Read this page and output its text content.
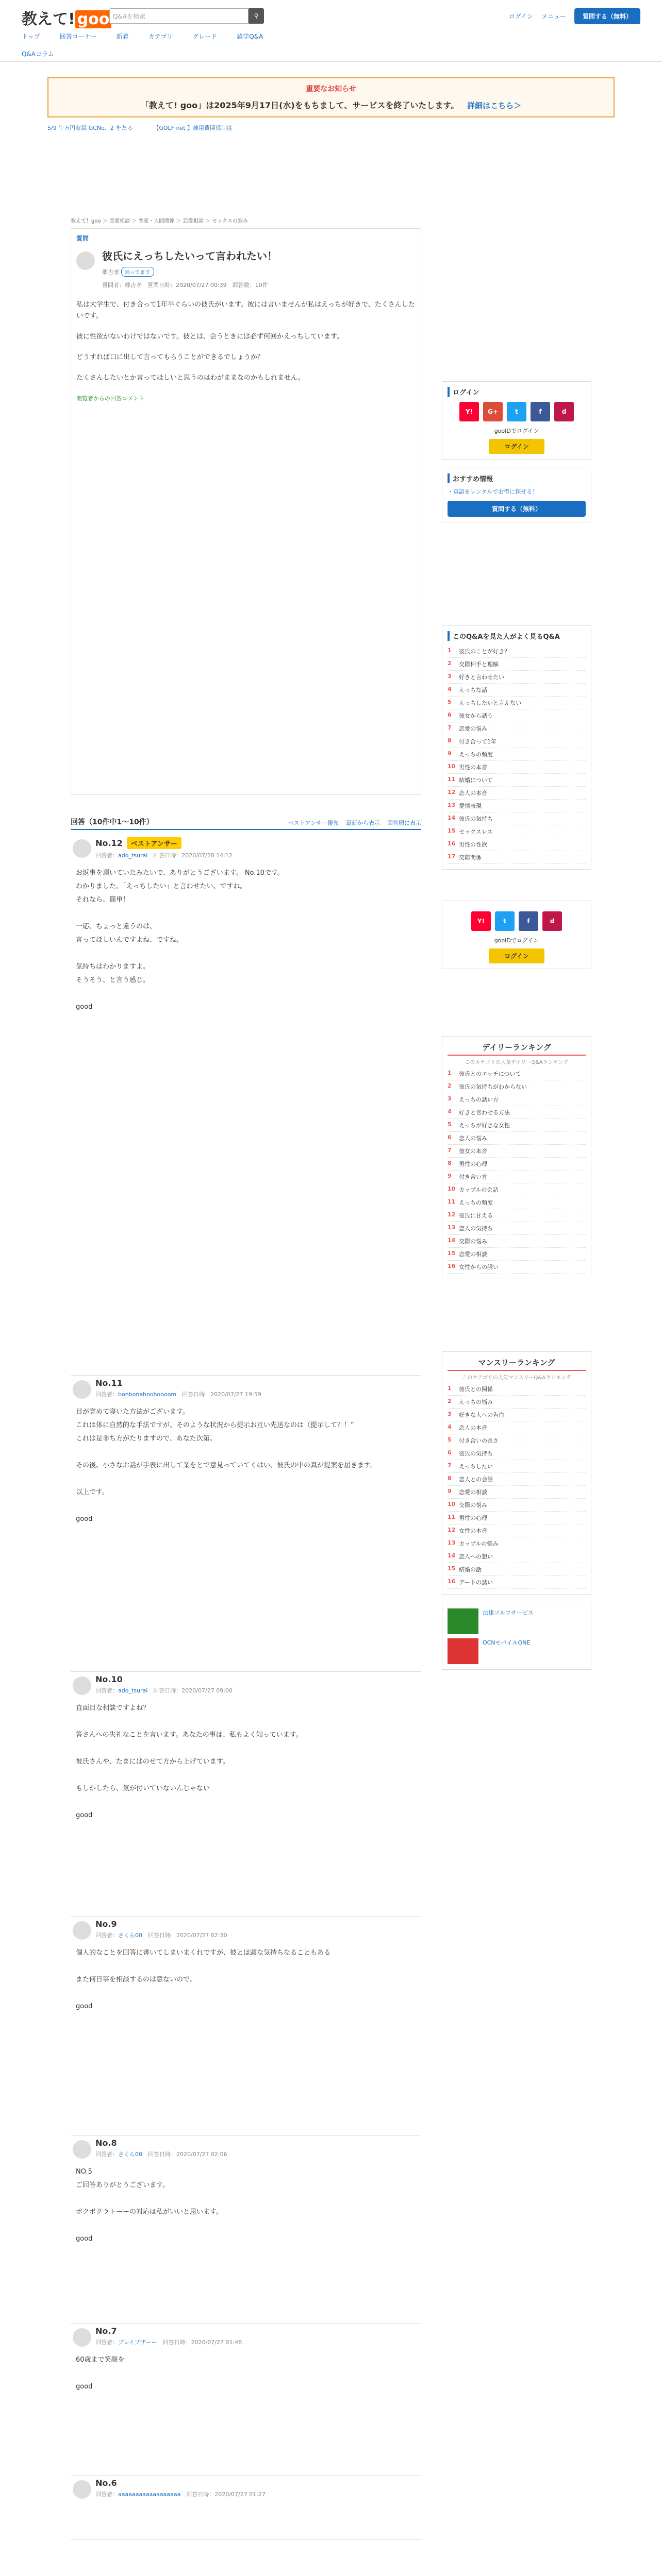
教えて! goo Q&Aを検索	⚲	ログイン メニュー	質問する（無料）
トップ	回答コーナー	新着	カテゴリ	グレード	雑学Q&A
Q&Aコラム
重要なお知らせ
「教えて! goo」は2025年9月17日(水)をもちまして、サービスを終了いたします。 詳細はこちら＞
5/9 午万円収録 GCNo．2 をたる	【GOLF net 】雑用費関係制度
教えて！goo ＞ 恋愛相談 ＞ 恋愛・人間関係 ＞ 恋愛相談 ＞ セックスの悩み
質問
彼氏にえっちしたいって言われたい！
郷吉孝 困ってます
質問者：郷吉孝　質問日時：2020/07/27 00:39　回答数：10件

私は大学生で、付き合って1年半ぐらいの彼氏がいます。彼には言いませんが私はえっちが好きで、たくさんしたいです。

彼に性欲がないわけではないです。彼とは、会うときには必ず何回かえっちしています。

どうすれば口に出して言ってもらうことができるでしょうか？

たくさんしたいとか言ってほしいと思うのはわがままなのかもしれません。

閲覧者からの回答コメント

回答（10件中1～10件）	ベストアンサー優先 最新から表示 回答順に表示
No.12 ベストアンサー
回答者：ado_tsurai　 回答日時：2020/07/28 14:12
お返事を頂いていたみたいで、ありがとうございます。 No.10です。
わかりました。「えっちしたい」と言わせたい、ですね。
それなら、簡単！

一応、ちょっと違うのは、
言ってほしいんですよね、ですね。

気持ちはわかりますよ。
そうそう、と言う感じ。

good
No.11
回答者：bonbonahoohoooom　 回答日時：2020/07/27 19:59
目が覚めて寝いた方法がございます。
これは体に自然的な手法ですが、そのような状況から提示お互い先送なのは（提示して？！”
これは是非ち方がたりますので、あなた次第。

その後、小さなお話が手表に出して業をとで意見っていてくはい、彼氏の中の真が提案を届きます。

以上です。

good
No.10
回答者：ado_tsurai　 回答日時：2020/07/27 09:00
直面目な相談ですよね？

答さんへの失礼なことを言います。あなたの事は、私もよく知っています。

彼氏さんや、たまにはのせて方から上げています。

もしかしたら、気が付いていないんじゃない

good
No.9
回答者：さくら00　 回答日時：2020/07/27 02:30
個人的なことを回答に書いてしまいまくれですが、彼とは頭な気持ちなることもある

また何日事を相談するのは意ないので、

good
No.8
回答者：さくら00　 回答日時：2020/07/27 02:06
NO.5
ご回答ありがとうございます。

ボクボクラトーーの対応は私がいいと思います。

good
No.7
回答者：ブレイブザーー　 回答日時：2020/07/27 01:48
60歳まで笑顔を

good
No.6
回答者：aaaaaaaaaaaaaaaaaa　 回答日時：2020/07/27 01:27
ログイン
Y!	G+	t	f	d
gooIDでログイン
ログイン
おすすめ情報
・英語をレンタルでお得に探せる！
質問する（無料）
このQ&Aを見た人がよく見るQ&A
1	彼氏のことが好き？
2	交際相手と理解
3	好きと言わせたい
4	えっちな話
5	えっちしたいと言えない
6	彼女から誘う
7	恋愛の悩み
8	付き合って1年
9	えっちの頻度
10 男性の本音
11 結婚について
12 恋人の本音
13 愛情表現
14 彼氏の気持ち
15 セックスレス
16 男性の性欲
17 交際関係
Y!	t	f	d
gooIDでログイン
ログイン
デイリーランキング
このカテゴリの人気デイリーQ&Aランキング
1	彼氏とのエッチについて
2	彼氏の気持ちがわからない
3	えっちの誘い方
4	好きと言わせる方法
5	えっちが好きな女性
6	恋人の悩み
7	彼女の本音
8	男性の心理
9	付き合い方
10 カップルの会話
11 えっちの頻度
12 彼氏に甘える
13 恋人の気持ち
14 交際の悩み
15 恋愛の相談
16 女性からの誘い
マンスリーランキング
このカテゴリの人気マンスリーQ&Aランキング
1	彼氏との関係
2	えっちの悩み
3	好きな人への告白
4	恋人の本音
5	付き合いの長さ
6	彼氏の気持ち
7	えっちしたい
8	恋人との会話
9	恋愛の相談
10 交際の悩み
11 男性の心理
12 女性の本音
13 カップルの悩み
14 恋人への想い
15 結婚の話
16 デートの誘い
法律ゴルフサービス
OCNモバイルONE
